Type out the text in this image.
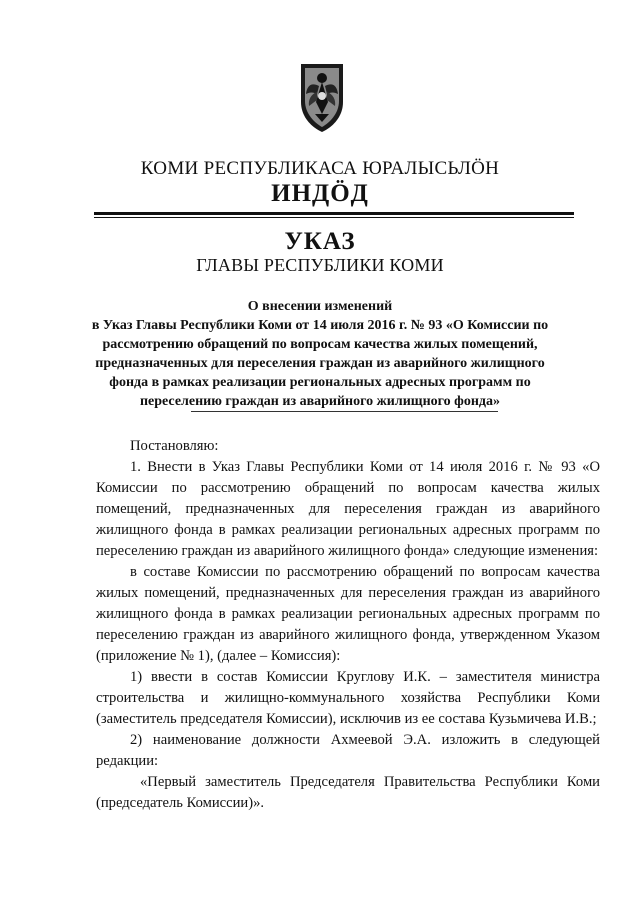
КОМИ РЕСПУБЛИКАСА ЮРАЛЫСЬЛÖН
ИНДÖД
УКАЗ
ГЛАВЫ РЕСПУБЛИКИ КОМИ
О внесении изменений
в Указ Главы Республики Коми от 14 июля 2016 г. № 93 «О Комиссии по
рассмотрению обращений по вопросам качества жилых помещений,
предназначенных для переселения граждан из аварийного жилищного
фонда в рамках реализации региональных адресных программ по
переселению граждан из аварийного жилищного фонда»

Постановляю:

1. Внести в Указ Главы Республики Коми от 14 июля 2016 г. № 93 «О Комиссии по рассмотрению обращений по вопросам качества жилых помещений, предназначенных для переселения граждан из аварийного жилищного фонда в рамках реализации региональных адресных программ по переселению граждан из аварийного жилищного фонда» следующие изменения:

в составе Комиссии по рассмотрению обращений по вопросам качества жилых помещений, предназначенных для переселения граждан из аварийного жилищного фонда в рамках реализации региональных адресных программ по переселению граждан из аварийного жилищного фонда, утвержденном Указом (приложение № 1), (далее – Комиссия):

1) ввести в состав Комиссии Круглову И.К. – заместителя министра строительства и жилищно-коммунального хозяйства Республики Коми (заместитель председателя Комиссии), исключив из ее состава Кузьмичева И.В.;

2) наименование должности Ахмеевой Э.А. изложить в следующей редакции:

«Первый заместитель Председателя Правительства Республики Коми (председатель Комиссии)».
